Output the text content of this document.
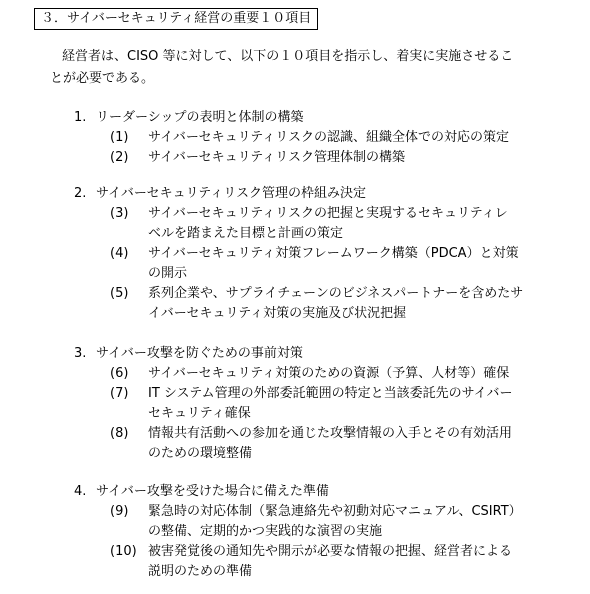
３．サイバーセキュリティ経営の重要１０項目
経営者は、CISO 等に対して、以下の１０項目を指示し、着実に実施させるこ
とが必要である。
1. リーダーシップの表明と体制の構築
(1)	サイバーセキュリティリスクの認識、組織全体での対応の策定
(2)	サイバーセキュリティリスク管理体制の構築
2. サイバーセキュリティリスク管理の枠組み決定
(3)	サイバーセキュリティリスクの把握と実現するセキュリティレ
ベルを踏まえた目標と計画の策定
(4)	サイバーセキュリティ対策フレームワーク構築（PDCA）と対策
の開示
(5)	系列企業や、サプライチェーンのビジネスパートナーを含めたサ
イバーセキュリティ対策の実施及び状況把握
3. サイバー攻撃を防ぐための事前対策
(6)	サイバーセキュリティ対策のための資源（予算、人材等）確保
(7)	IT システム管理の外部委託範囲の特定と当該委託先のサイバー
セキュリティ確保
(8)	情報共有活動への参加を通じた攻撃情報の入手とその有効活用
のための環境整備
4. サイバー攻撃を受けた場合に備えた準備
(9)	緊急時の対応体制（緊急連絡先や初動対応マニュアル、CSIRT）
の整備、定期的かつ実践的な演習の実施
(10) 被害発覚後の通知先や開示が必要な情報の把握、経営者による
説明のための準備
